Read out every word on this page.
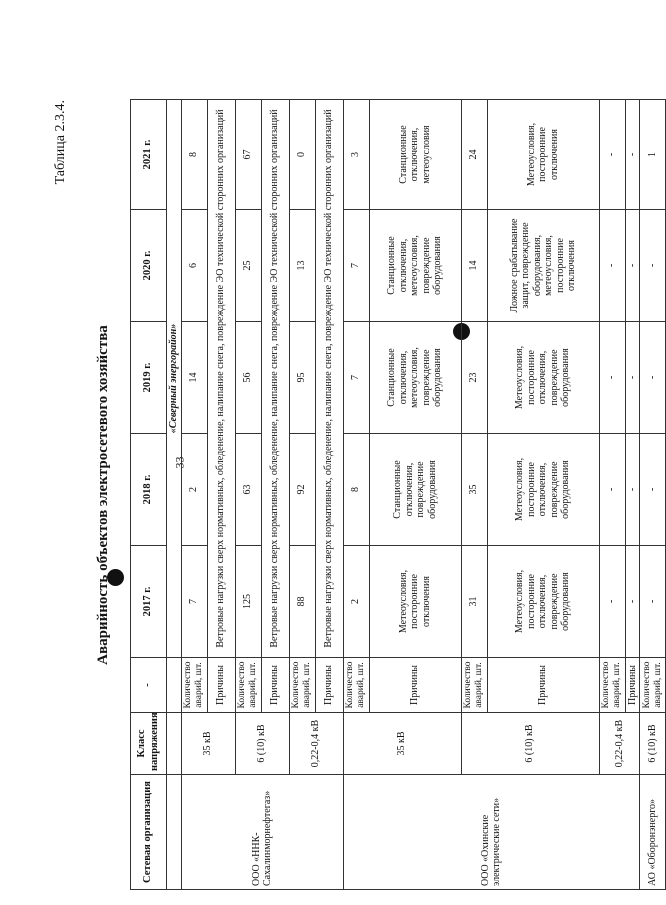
33
Таблица 2.3.4.
Аварийность объектов электросетевого хозяйства
Сетевая организация	Класс напряжения	-	2017 г.	2018 г.	2019 г.	2020 г.	2021 г.
			«Северный энергорайон»				
ООО «ННК-Сахалинморнефтегаз»	35 кВ	Количество аварий, шт.	7	2	14	6	8
		Причины	Ветровые нагрузки сверх нормативных, обледенение, налипание снега, повреждение ЭО технической сторонних организаций				
	6 (10) кВ	Количество аварий, шт.	125	63	56	25	67
		Причины	Ветровые нагрузки сверх нормативных, обледенение, налипание снега, повреждение ЭО технической сторонних организаций				
	0,22-0,4 кВ	Количество аварий, шт.	88	92	95	13	0
		Причины	Ветровые нагрузки сверх нормативных, обледенение, налипание снега, повреждение ЭО технической сторонних организаций				
ООО «Охинские электрические сети»	35 кВ	Количество аварий, шт.	2	8	7	7	3
		Причины	Метеоусловия, посторонние отключения	Станционные отключения, повреждение оборудования	Станционные отключения, метеоусловия, повреждение оборудования	Станционные отключения, метеоусловия, повреждение оборудования	Станционные отключения, метеоусловия
	6 (10) кВ	Количество аварий, шт.	31	35	23	14	24
		Причины	Метеоусловия, посторонние отключения, повреждение оборудования	Метеоусловия, посторонние отключения, повреждение оборудования	Метеоусловия, посторонние отключения, повреждение оборудования	Ложное срабатывание защит, повреждение оборудования, метеоусловия, посторонние отключения	Метеоусловия, посторонние отключения
	0,22-0,4 кВ	Количество аварий, шт.	-	-	-	-	-
		Причины	-	-	-	-	-
АО «Оборонэнерго»	6 (10) кВ	Количество аварий, шт.	-	-	-	-	1
